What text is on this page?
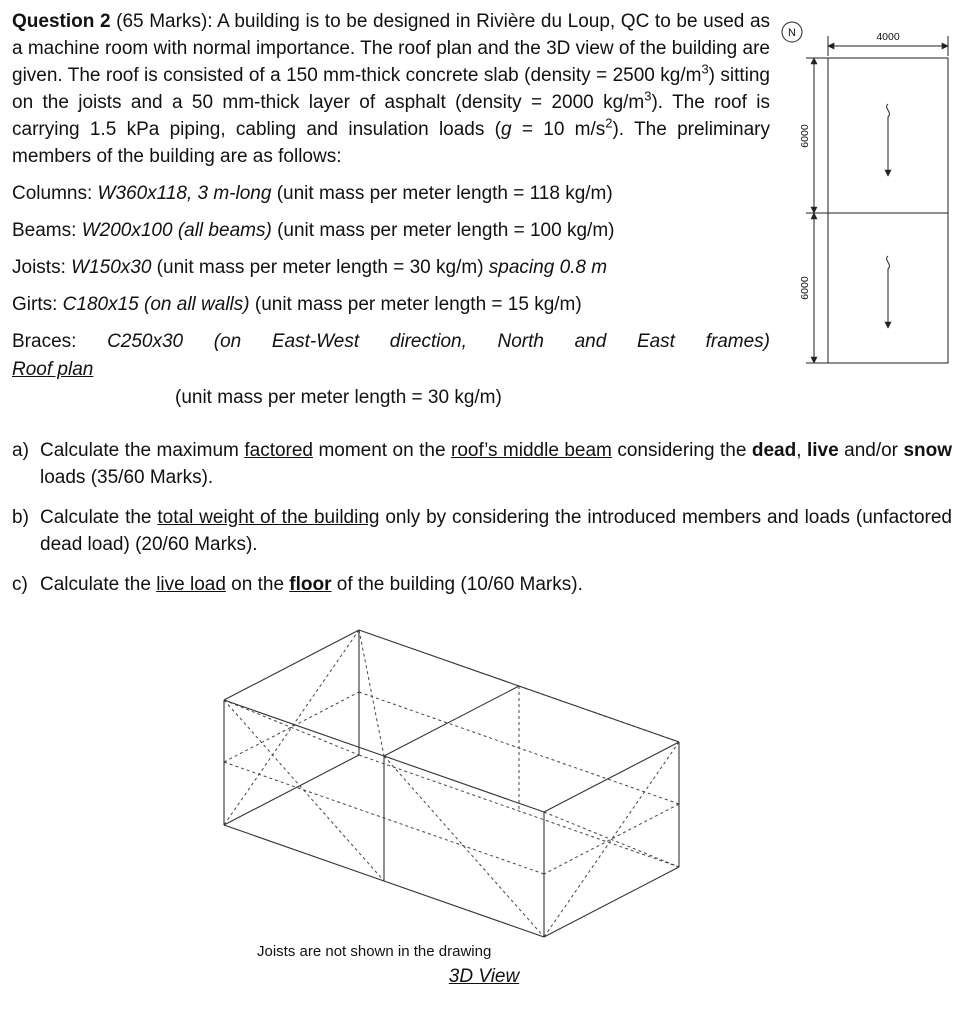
Question 2 (65 Marks): A building is to be designed in Rivière du Loup, QC to be used as a machine room with normal importance. The roof plan and the 3D view of the building are given. The roof is consisted of a 150 mm-thick concrete slab (density = 2500 $kg/m^3$) sitting on the joists and a 50 mm-thick layer of asphalt (density = 2000 $kg/m^3$). The roof is carrying 1.5 kPa piping, cabling and insulation loads (g = 10 $m/s^2$). The preliminary members of the building are as follows:
Columns: W360x118, 3 m-long (unit mass per meter length = 118 kg/m)
Beams: W200x100 (all beams) (unit mass per meter length = 100 kg/m)
Joists: W150x30 (unit mass per meter length = 30 kg/m) spacing 0.8 m
Girts: C180x15 (on all walls) (unit mass per meter length = 15 kg/m)
Braces: C250x30 (on East-West direction, North and East frames)
Roof plan
(unit mass per meter length = 30 kg/m)
a) Calculate the maximum factored moment on the roof’s middle beam considering the dead, live and/or snow loads (35/60 Marks).
b) Calculate the total weight of the building only by considering the introduced members and loads (unfactored dead load) (20/60 Marks).
c) Calculate the live load on the floor of the building (10/60 Marks).
N	4000
6000
6000
Joists are not shown in the drawing
3D View
